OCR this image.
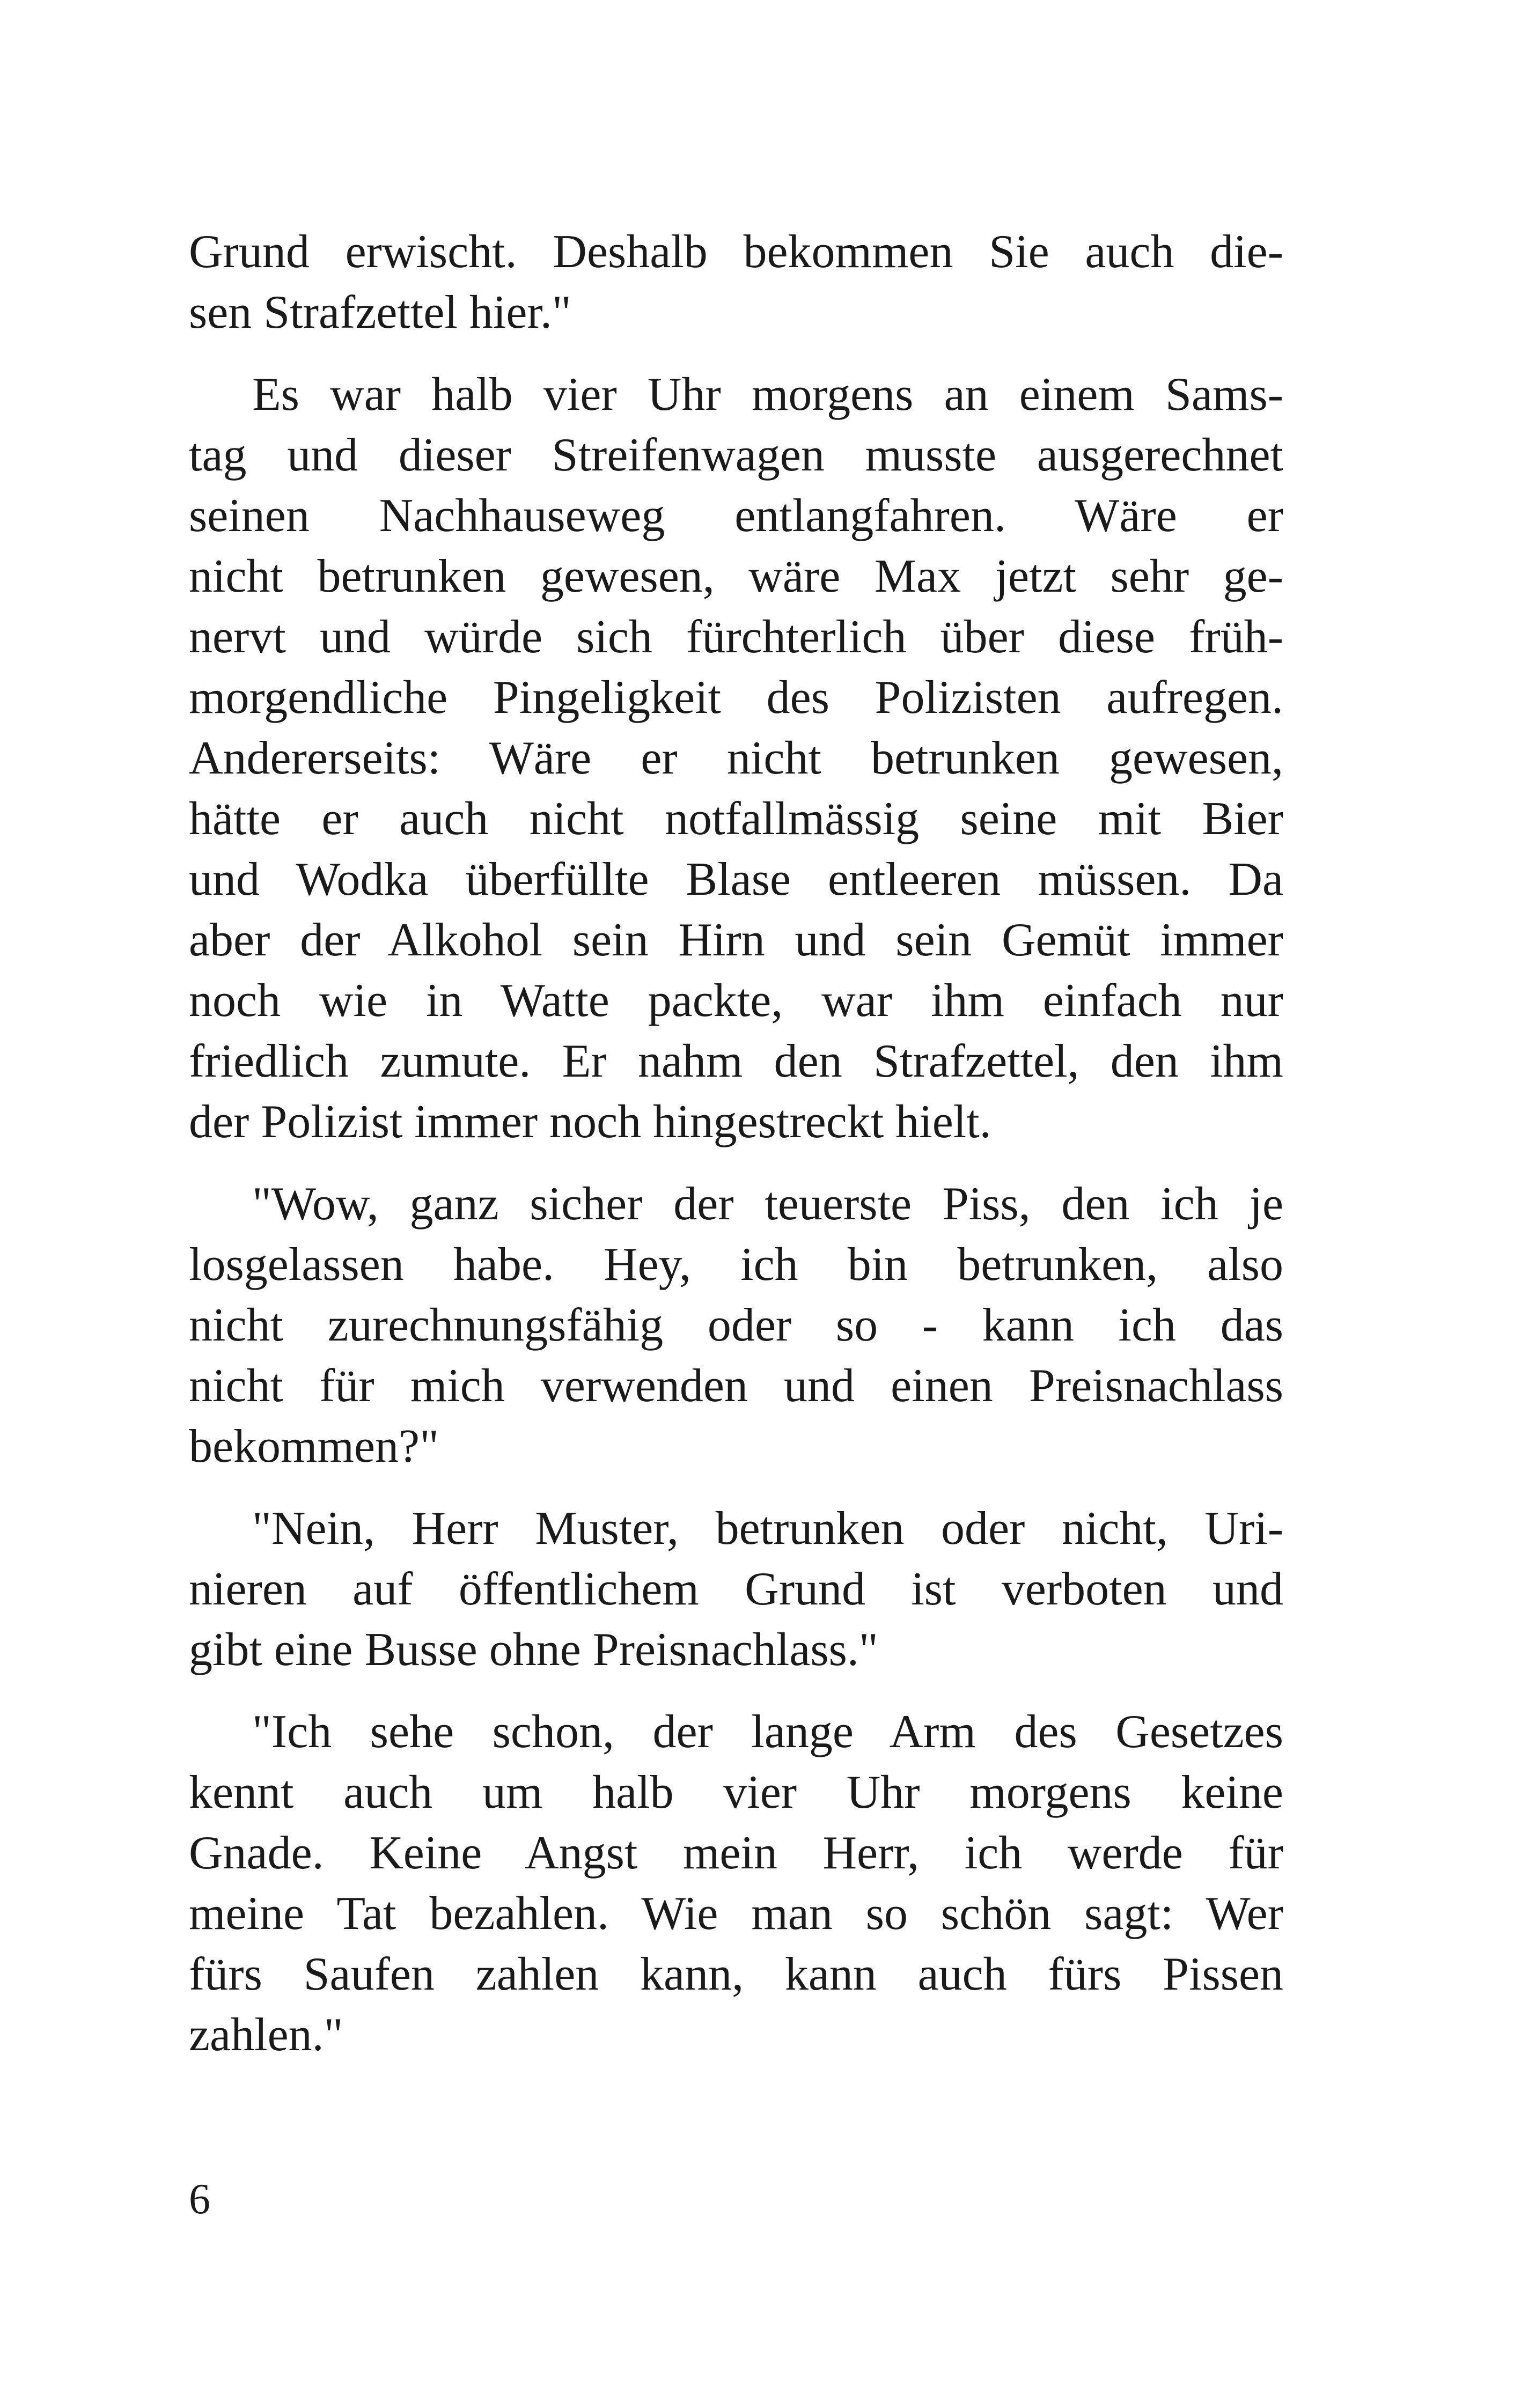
Grund erwischt. Deshalb bekommen Sie auch die-
sen Strafzettel hier."
Es war halb vier Uhr morgens an einem Sams-
tag und dieser Streifenwagen musste ausgerechnet
seinen Nachhauseweg entlangfahren. Wäre er
nicht betrunken gewesen, wäre Max jetzt sehr ge-
nervt und würde sich fürchterlich über diese früh-
morgendliche Pingeligkeit des Polizisten aufregen.
Andererseits: Wäre er nicht betrunken gewesen,
hätte er auch nicht notfallmässig seine mit Bier
und Wodka überfüllte Blase entleeren müssen. Da
aber der Alkohol sein Hirn und sein Gemüt immer
noch wie in Watte packte, war ihm einfach nur
friedlich zumute. Er nahm den Strafzettel, den ihm
der Polizist immer noch hingestreckt hielt.
"Wow, ganz sicher der teuerste Piss, den ich je
losgelassen habe. Hey, ich bin betrunken, also
nicht zurechnungsfähig oder so - kann ich das
nicht für mich verwenden und einen Preisnachlass
bekommen?"
"Nein, Herr Muster, betrunken oder nicht, Uri-
nieren auf öffentlichem Grund ist verboten und
gibt eine Busse ohne Preisnachlass."
"Ich sehe schon, der lange Arm des Gesetzes
kennt auch um halb vier Uhr morgens keine
Gnade. Keine Angst mein Herr, ich werde für
meine Tat bezahlen. Wie man so schön sagt: Wer
fürs Saufen zahlen kann, kann auch fürs Pissen
zahlen."
6
